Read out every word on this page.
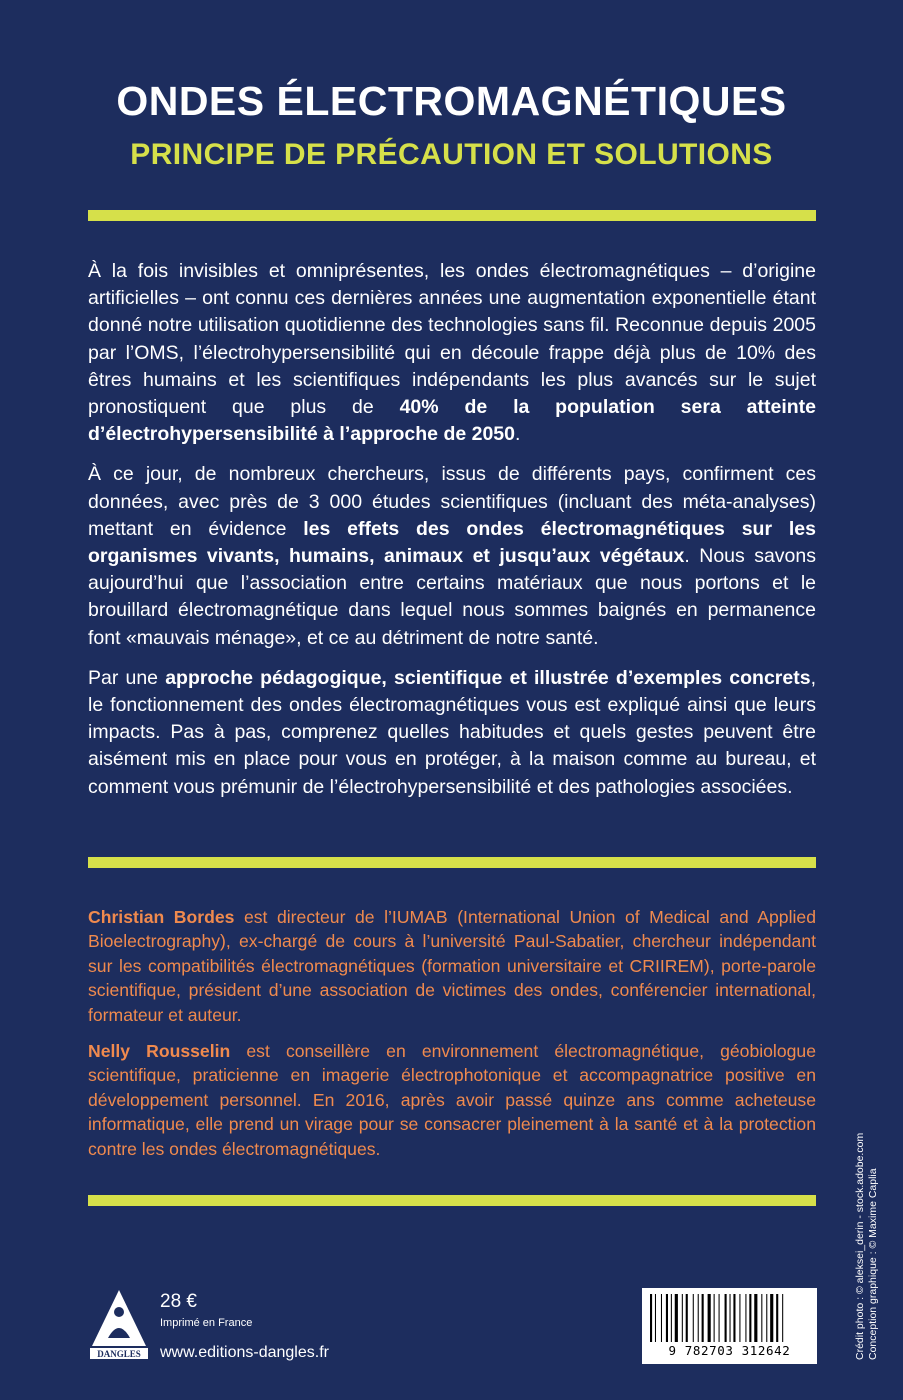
ONDES ÉLECTROMAGNÉTIQUES
PRINCIPE DE PRÉCAUTION ET SOLUTIONS

À la fois invisibles et omniprésentes, les ondes électromagnétiques – d’origine artificielles – ont connu ces dernières années une augmentation exponentielle étant donné notre utilisation quotidienne des technologies sans fil. Reconnue depuis 2005 par l’OMS, l’électrohypersensibilité qui en découle frappe déjà plus de 10% des êtres humains et les scientifiques indépendants les plus avancés sur le sujet pronostiquent que plus de 40% de la population sera atteinte d’électrohypersensibilité à l’approche de 2050.

À ce jour, de nombreux chercheurs, issus de différents pays, confirment ces données, avec près de 3 000 études scientifiques (incluant des méta-analyses) mettant en évidence les effets des ondes électromagnétiques sur les organismes vivants, humains, animaux et jusqu’aux végétaux. Nous savons aujourd’hui que l’association entre certains matériaux que nous portons et le brouillard électromagnétique dans lequel nous sommes baignés en permanence font «mauvais ménage», et ce au détriment de notre santé.

Par une approche pédagogique, scientifique et illustrée d’exemples concrets, le fonctionnement des ondes électromagnétiques vous est expliqué ainsi que leurs impacts. Pas à pas, comprenez quelles habitudes et quels gestes peuvent être aisément mis en place pour vous en protéger, à la maison comme au bureau, et comment vous prémunir de l’électrohypersensibilité et des pathologies associées.

Christian Bordes est directeur de l’IUMAB (International Union of Medical and Applied Bioelectrography), ex-chargé de cours à l’université Paul-Sabatier, chercheur indépendant sur les compatibilités électromagnétiques (formation universitaire et CRIIREM), porte-parole scientifique, président d’une association de victimes des ondes, conférencier international, formateur et auteur.

Nelly Rousselin est conseillère en environnement électromagnétique, géobiologue scientifique, praticienne en imagerie électrophotonique et accompagnatrice positive en développement personnel. En 2016, après avoir passé quinze ans comme acheteuse informatique, elle prend un virage pour se consacrer pleinement à la santé et à la protection contre les ondes électromagnétiques.

DANGLES
28 €
Imprimé en France
www.editions-dangles.fr	9 782703 312642	Crédit photo : © aleksei_derin - stock.adobe.com Conception graphique : © Maxime Caplia
